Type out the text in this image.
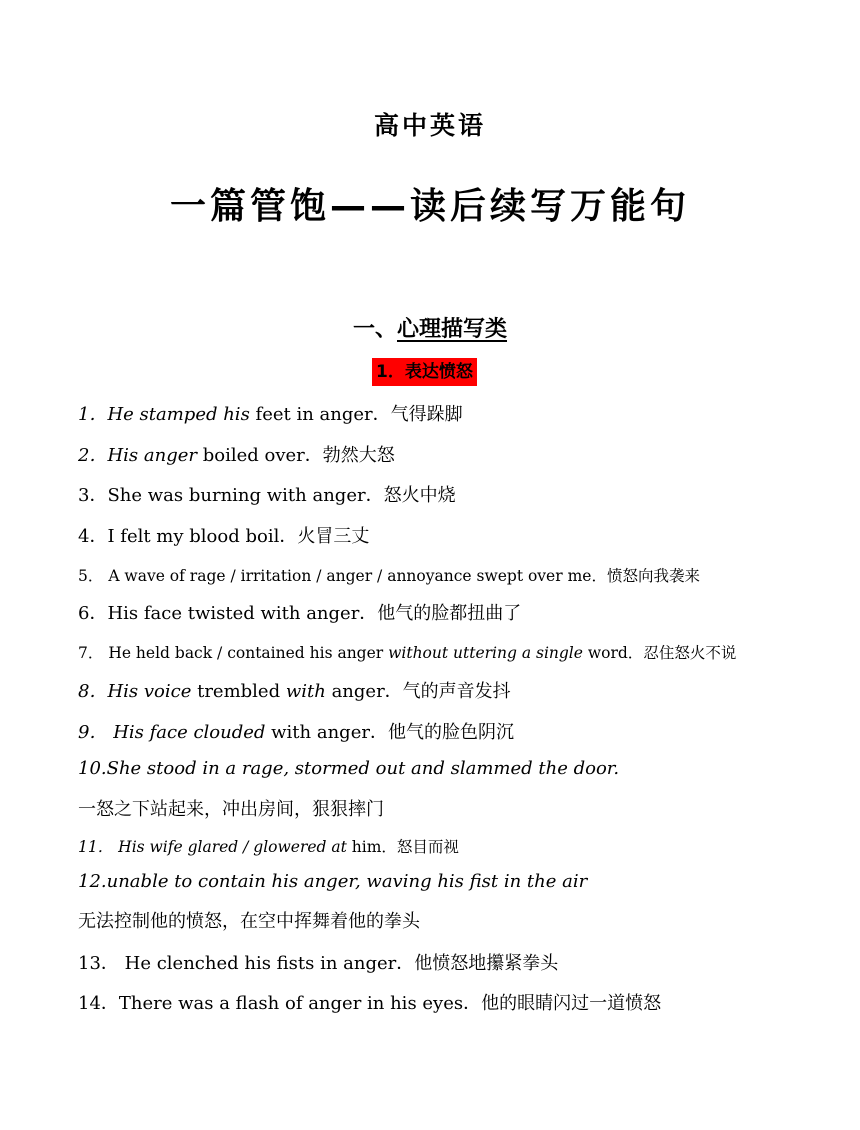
高中英语
一篇管饱——读后续写万能句
一、心理描写类
1．表达愤怒
1．He stamped his feet in anger．气得跺脚
2．His anger boiled over．勃然大怒
3．She was burning with anger．怒火中烧
4．I felt my blood boil．火冒三丈
5． A wave of rage / irritation / anger / annoyance swept over me．愤怒向我袭来
6．His face twisted with anger．他气的脸都扭曲了
7． He held back / contained his anger without uttering a single word．忍住怒火不说
8．His voice trembled with anger．气的声音发抖
9． His face clouded with anger．他气的脸色阴沉
10.She stood in a rage, stormed out and slammed the door.
一怒之下站起来，冲出房间，狠狠摔门
11． His wife glared / glowered at him．怒目而视
12.unable to contain his anger, waving his fist in the air
无法控制他的愤怒，在空中挥舞着他的拳头
13． He clenched his fists in anger．他愤怒地攥紧拳头
14．There was a flash of anger in his eyes．他的眼睛闪过一道愤怒
